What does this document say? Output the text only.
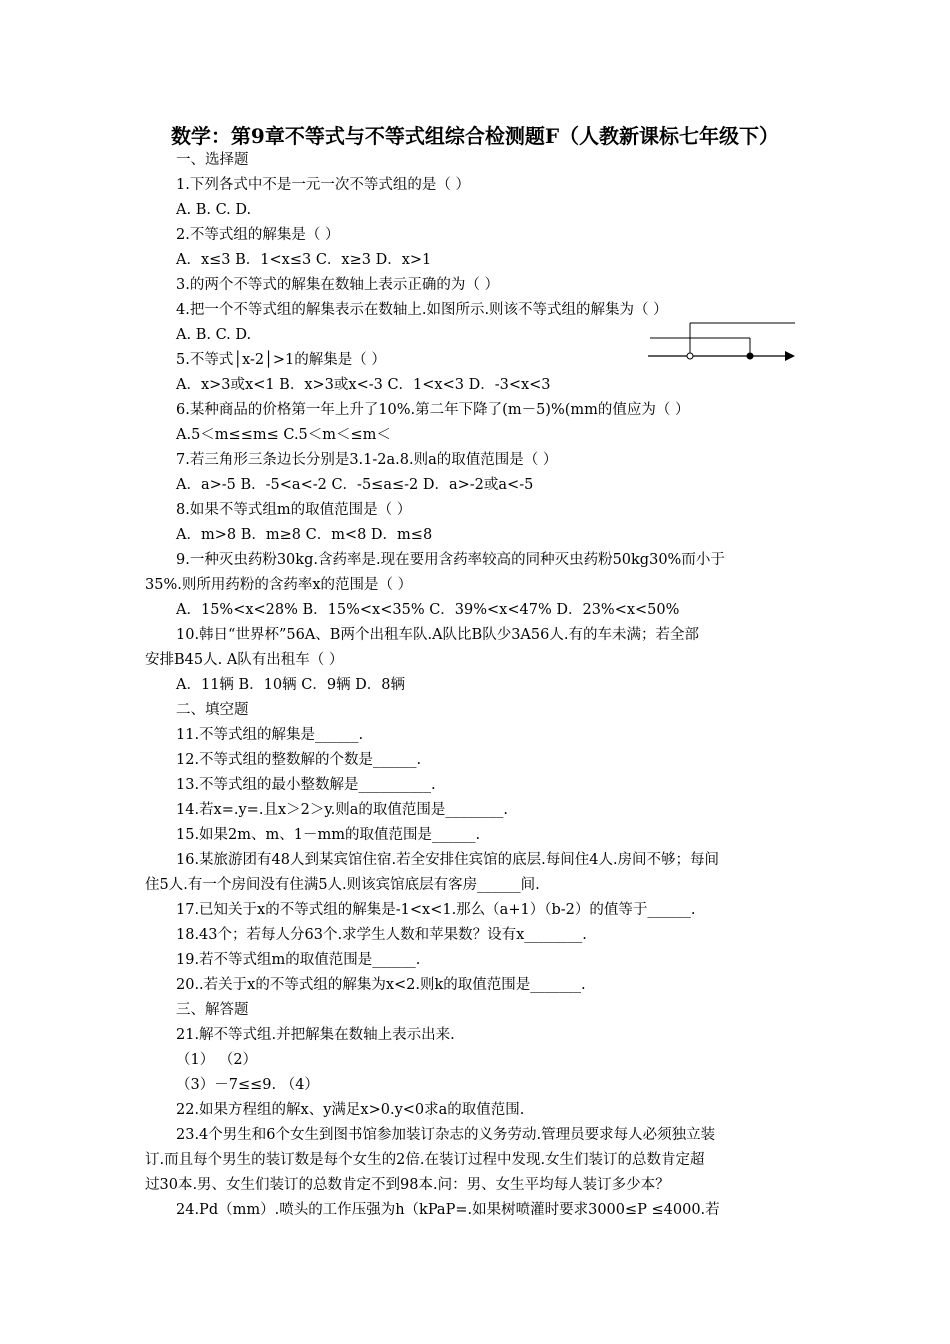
数学：第9章不等式与不等式组综合检测题F（人教新课标七年级下）
一、选择题
1.下列各式中不是一元一次不等式组的是（ ）
A. B. C. D.
2.不等式组的解集是（ ）
A．x≤3 B．1<x≤3 C．x≥3 D．x>1
3.的两个不等式的解集在数轴上表示正确的为（ ）
4.把一个不等式组的解集表示在数轴上.如图所示.则该不等式组的解集为（ ）
A. B. C. D.
5.不等式│x-2│>1的解集是（ ）
A．x>3或x<1 B．x>3或x<-3 C．1<x<3 D．-3<x<3
6.某种商品的价格第一年上升了10%.第二年下降了(m－5)%(mm的值应为（ ）
A.5＜m≤≤m≤ C.5＜m＜≤m＜
7.若三角形三条边长分别是3.1-2a.8.则a的取值范围是（ ）
A．a>-5 B．-5<a<-2 C．-5≤a≤-2 D．a>-2或a<-5
8.如果不等式组m的取值范围是（ ）
A．m>8 B．m≥8 C．m<8 D．m≤8
9.一种灭虫药粉30kg.含药率是.现在要用含药率较高的同种灭虫药粉50kg30%而小于
35%.则所用药粉的含药率x的范围是（ ）
A．15%<x<28% B．15%<x<35% C．39%<x<47% D．23%<x<50%
10.韩日“世界杯”56A、B两个出租车队.A队比B队少3A56人.有的车未满；若全部
安排B45人. A队有出租车（ ）
A．11辆 B．10辆 C．9辆 D．8辆
二、填空题
11.不等式组的解集是______.
12.不等式组的整数解的个数是______.
13.不等式组的最小整数解是__________.
14.若x=.y=.且x＞2＞y.则a的取值范围是________.
15.如果2m、m、1－mm的取值范围是______.
16.某旅游团有48人到某宾馆住宿.若全安排住宾馆的底层.每间住4人.房间不够；每间
住5人.有一个房间没有住满5人.则该宾馆底层有客房______间.
17.已知关于x的不等式组的解集是-1<x<1.那么（a+1）（b-2）的值等于______.
18.43个；若每人分63个.求学生人数和苹果数？设有x________.
19.若不等式组m的取值范围是______.
20..若关于x的不等式组的解集为x<2.则k的取值范围是_______.
三、解答题
21.解不等式组.并把解集在数轴上表示出来.
（1） （2）
（3）－7≤≤9. （4）
22.如果方程组的解x、y满足x>0.y<0求a的取值范围.
23.4个男生和6个女生到图书馆参加装订杂志的义务劳动.管理员要求每人必须独立装
订.而且每个男生的装订数是每个女生的2倍.在装订过程中发现.女生们装订的总数肯定超
过30本.男、女生们装订的总数肯定不到98本.问：男、女生平均每人装订多少本？
24.Pd（mm）.喷头的工作压强为h（kPaP=.如果树喷灌时要求3000≤P ≤4000.若
